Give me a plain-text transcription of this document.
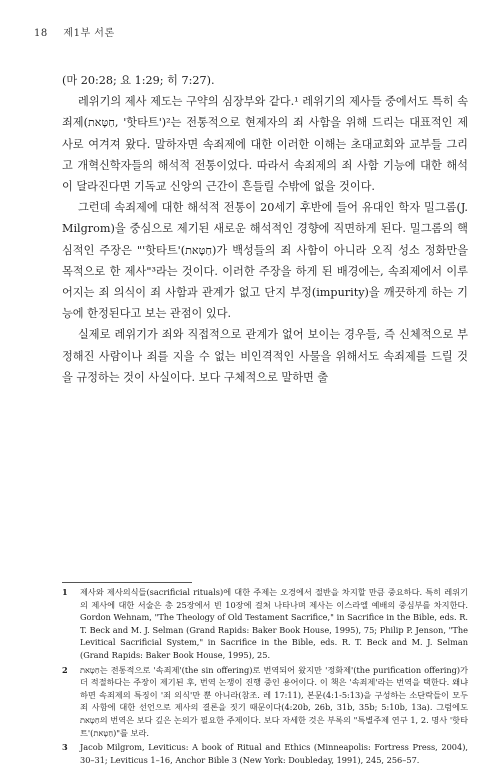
18 제1부 서론

(마 20:28; 요 1:29; 히 7:27).

레위기의 제사 제도는 구약의 심장부와 같다.¹ 레위기의 제사들 중에서도 특히 속죄제(חַטָּאת, '핫타트')²는 전통적으로 현제자의 죄 사함을 위해 드리는 대표적인 제사로 여겨져 왔다. 말하자면 속죄제에 대한 이러한 이해는 초대교회와 교부들 그리고 개혁신학자들의 해석적 전통이었다. 따라서 속죄제의 죄 사함 기능에 대한 해석이 달라진다면 기독교 신앙의 근간이 흔들릴 수밖에 없을 것이다.

그런데 속죄제에 대한 해석적 전통이 20세기 후반에 들어 유대인 학자 밀그롬(J. Milgrom)을 중심으로 제기된 새로운 해석적인 경향에 직면하게 된다. 밀그롬의 핵심적인 주장은 "'핫타트'(חַטָּאת)가 백성들의 죄 사함이 아니라 오직 성소 정화만을 목적으로 한 제사"³라는 것이다. 이러한 주장을 하게 된 배경에는, 속죄제에서 이루어지는 죄 의식이 죄 사함과 관계가 없고 단지 부정(impurity)을 깨끗하게 하는 기능에 한정된다고 보는 관점이 있다.

실제로 레위기가 죄와 직접적으로 관계가 없어 보이는 경우들, 즉 신체적으로 부정해진 사람이나 죄를 지을 수 없는 비인격적인 사물을 위해서도 속죄제를 드릴 것을 규정하는 것이 사실이다. 보다 구체적으로 말하면 출

1	제사와 제사의식들(sacrificial rituals)에 대한 주제는 오경에서 절반을 차지할 만큼 중요하다. 특히 레위기의 제사에 대한 서술은 총 25장에서 빈 10장에 걸쳐 나타나며 제사는 이스라엘 예배의 중심부를 차지한다. Gordon Wehnam, "The Theology of Old Testament Sacrifice," in Sacrifice in the Bible, eds. R. T. Beck and M. J. Selman (Grand Rapids: Baker Book House, 1995), 75; Philip P. Jenson, "The Levitical Sacrificial System," in Sacrifice in the Bible, eds. R. T. Beck and M. J. Selman (Grand Rapids: Baker Book House, 1995), 25.
2	חַטָּאת는 전통적으로 '속죄제'(the sin offering)로 번역되어 왔지만 '정화제'(the purification offering)가 더 적절하다는 주장이 제기된 후, 번역 논쟁이 진행 중인 용어이다. 이 책은 '속죄제'라는 번역을 택한다. 왜냐하면 속죄제의 특징이 '죄 의식'만 뿐 아니라(참조. 레 17:11), 본문(4:1-5:13)을 구성하는 소단락들이 모두 죄 사함에 대한 선언으로 제사의 결론을 짓기 때문이다(4:20b, 26b, 31b, 35b; 5:10b, 13a). 그럼에도 חַטָּאת의 번역은 보다 깊은 논의가 필요한 주제이다. 보다 자세한 것은 부록의 "특별주제 연구 1, 2. 명사 '핫타트'(חַטָּאת)"를 보라.
3	Jacob Milgrom, Leviticus: A book of Ritual and Ethics (Minneapolis: Fortress Press, 2004), 30–31; Leviticus 1–16, Anchor Bible 3 (New York: Doubleday, 1991), 245, 256–57.
